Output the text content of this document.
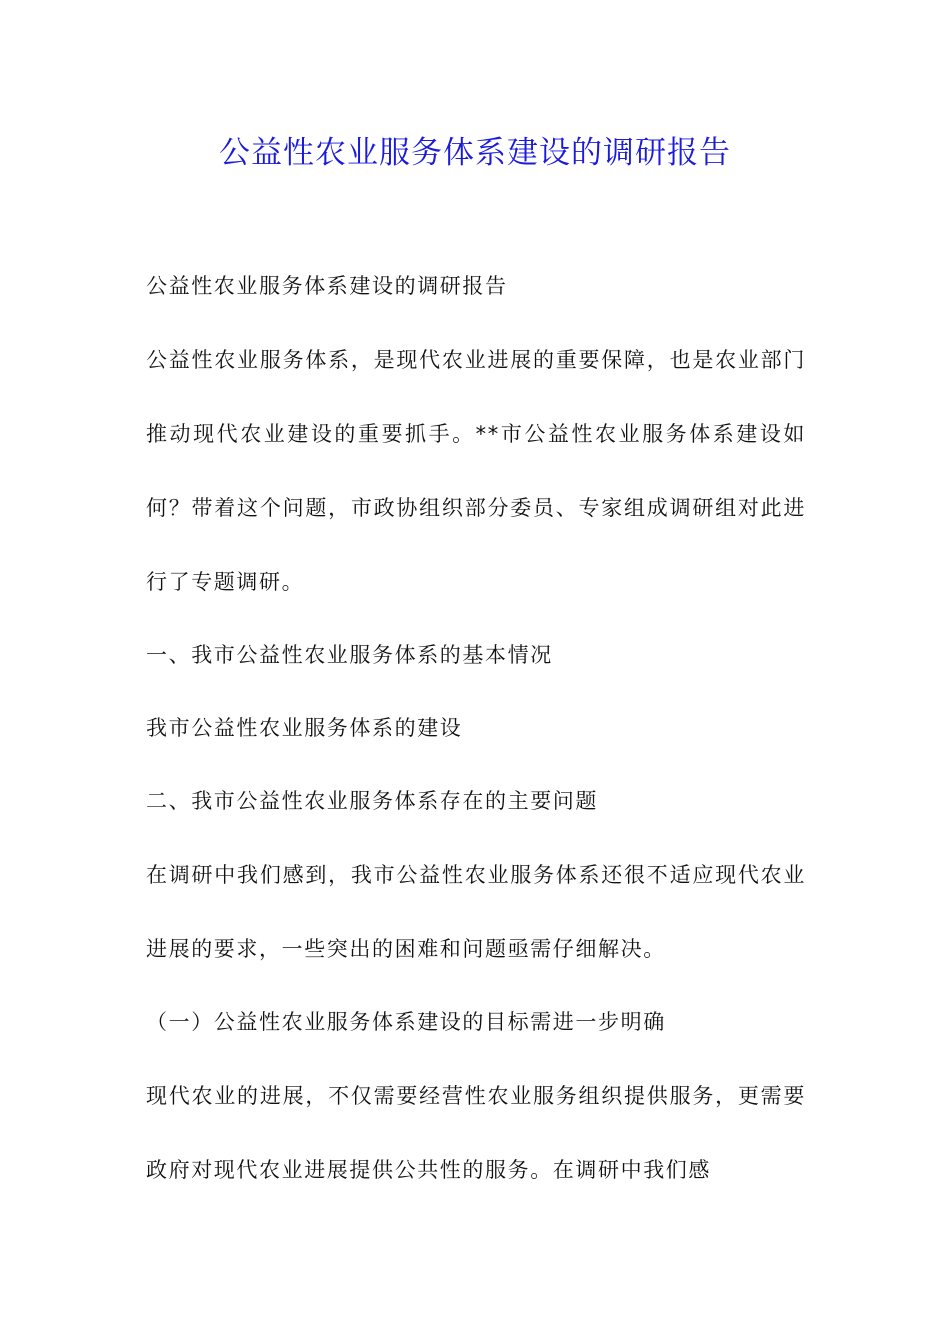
公益性农业服务体系建设的调研报告

公益性农业服务体系建设的调研报告

公益性农业服务体系，是现代农业进展的重要保障，也是农业部门推动现代农业建设的重要抓手。**市公益性农业服务体系建设如何？带着这个问题，市政协组织部分委员、专家组成调研组对此进行了专题调研。

一、我市公益性农业服务体系的基本情况

我市公益性农业服务体系的建设

二、我市公益性农业服务体系存在的主要问题

在调研中我们感到，我市公益性农业服务体系还很不适应现代农业进展的要求，一些突出的困难和问题亟需仔细解决。

（一）公益性农业服务体系建设的目标需进一步明确

现代农业的进展，不仅需要经营性农业服务组织提供服务，更需要政府对现代农业进展提供公共性的服务。在调研中我们感
